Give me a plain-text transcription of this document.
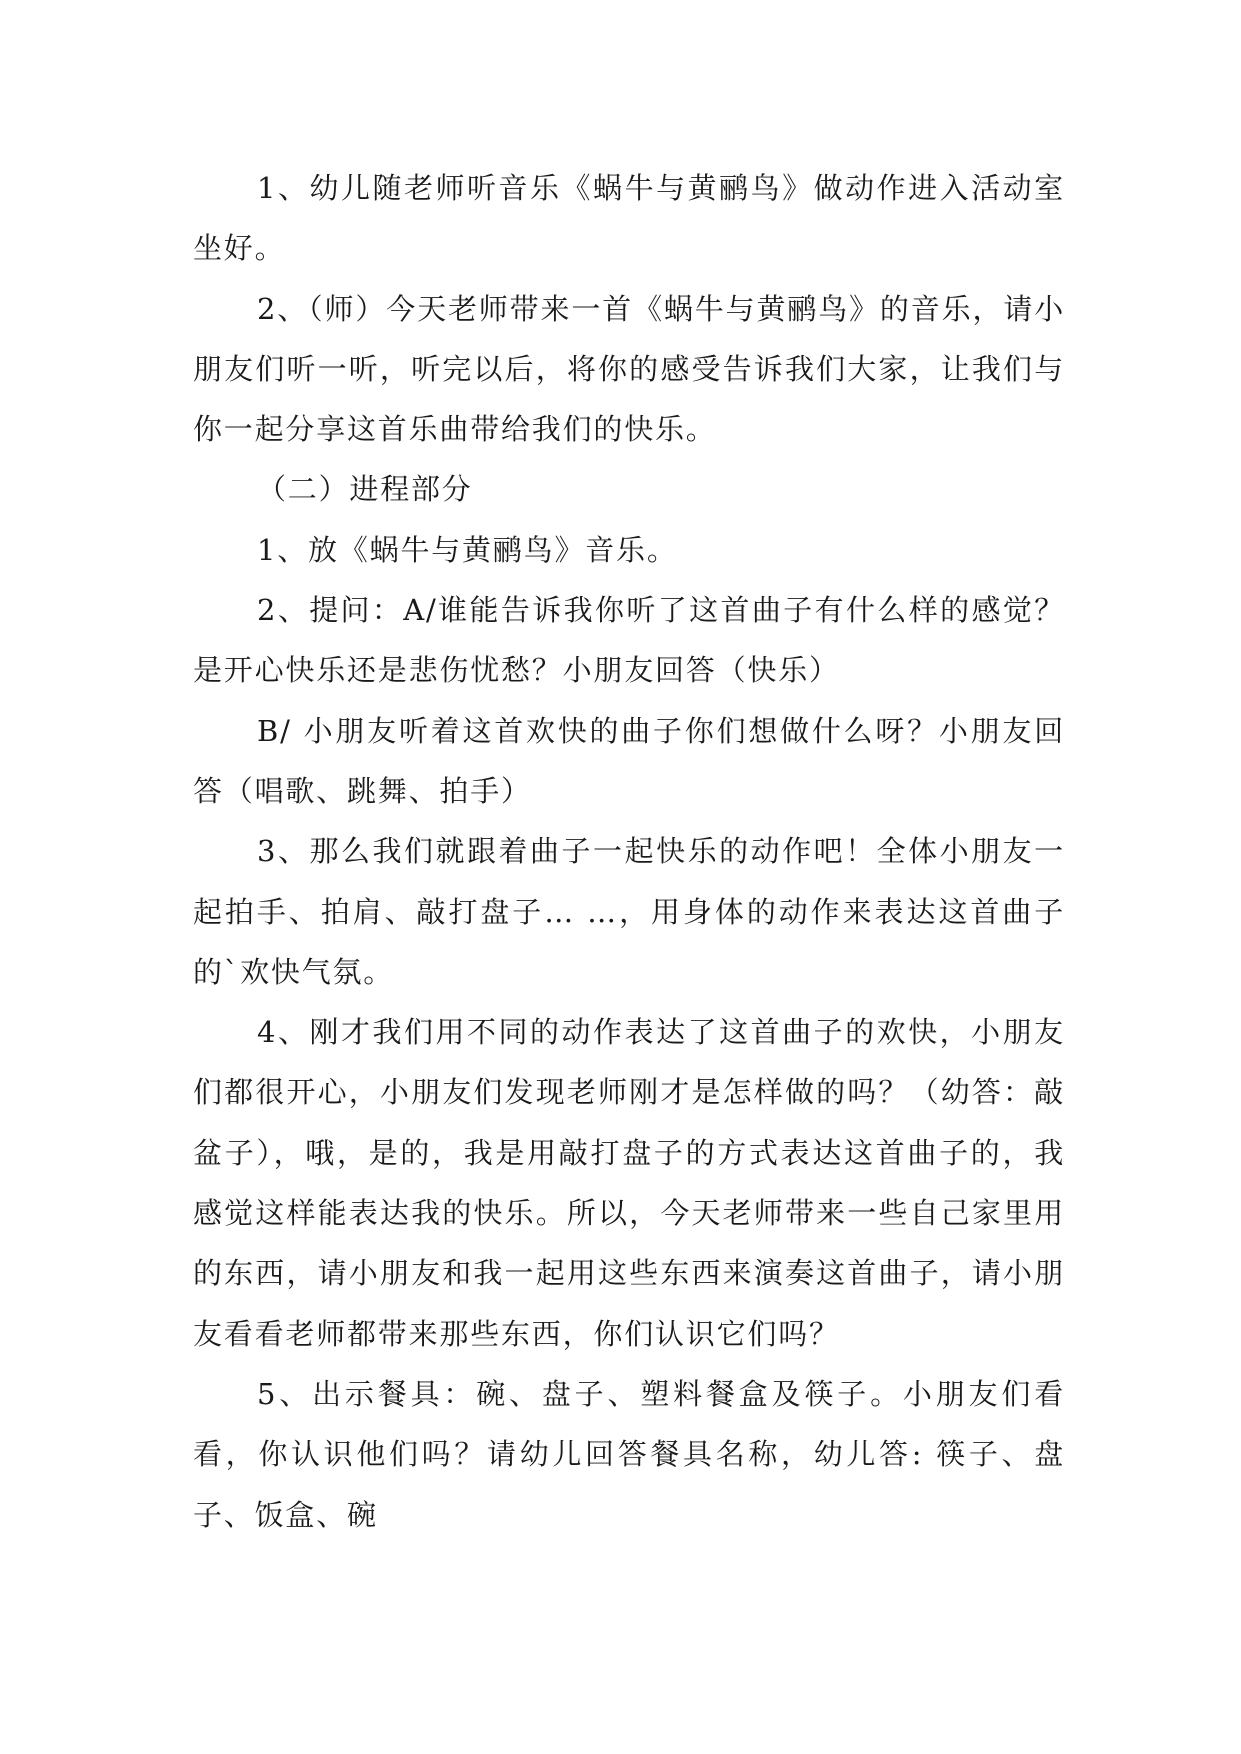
1、幼儿随老师听音乐《蜗牛与黄鹂鸟》做动作进入活动室坐好。

2、（师）今天老师带来一首《蜗牛与黄鹂鸟》的音乐，请小朋友们听一听，听完以后，将你的感受告诉我们大家，让我们与你一起分享这首乐曲带给我们的快乐。

（二）进程部分

1、放《蜗牛与黄鹂鸟》音乐。

2、提问：A/谁能告诉我你听了这首曲子有什么样的感觉？是开心快乐还是悲伤忧愁？小朋友回答（快乐）

B/ 小朋友听着这首欢快的曲子你们想做什么呀？小朋友回答（唱歌、跳舞、拍手）

3、那么我们就跟着曲子一起快乐的动作吧！全体小朋友一起拍手、拍肩、敲打盘子… …，用身体的动作来表达这首曲子的`欢快气氛。

4、刚才我们用不同的动作表达了这首曲子的欢快，小朋友们都很开心，小朋友们发现老师刚才是怎样做的吗？（幼答：敲盆子），哦，是的，我是用敲打盘子的方式表达这首曲子的，我感觉这样能表达我的快乐。所以，今天老师带来一些自己家里用的东西，请小朋友和我一起用这些东西来演奏这首曲子，请小朋友看看老师都带来那些东西，你们认识它们吗？

5、出示餐具：碗、盘子、塑料餐盒及筷子。小朋友们看看，你认识他们吗？请幼儿回答餐具名称，幼儿答: 筷子、盘子、饭盒、碗
